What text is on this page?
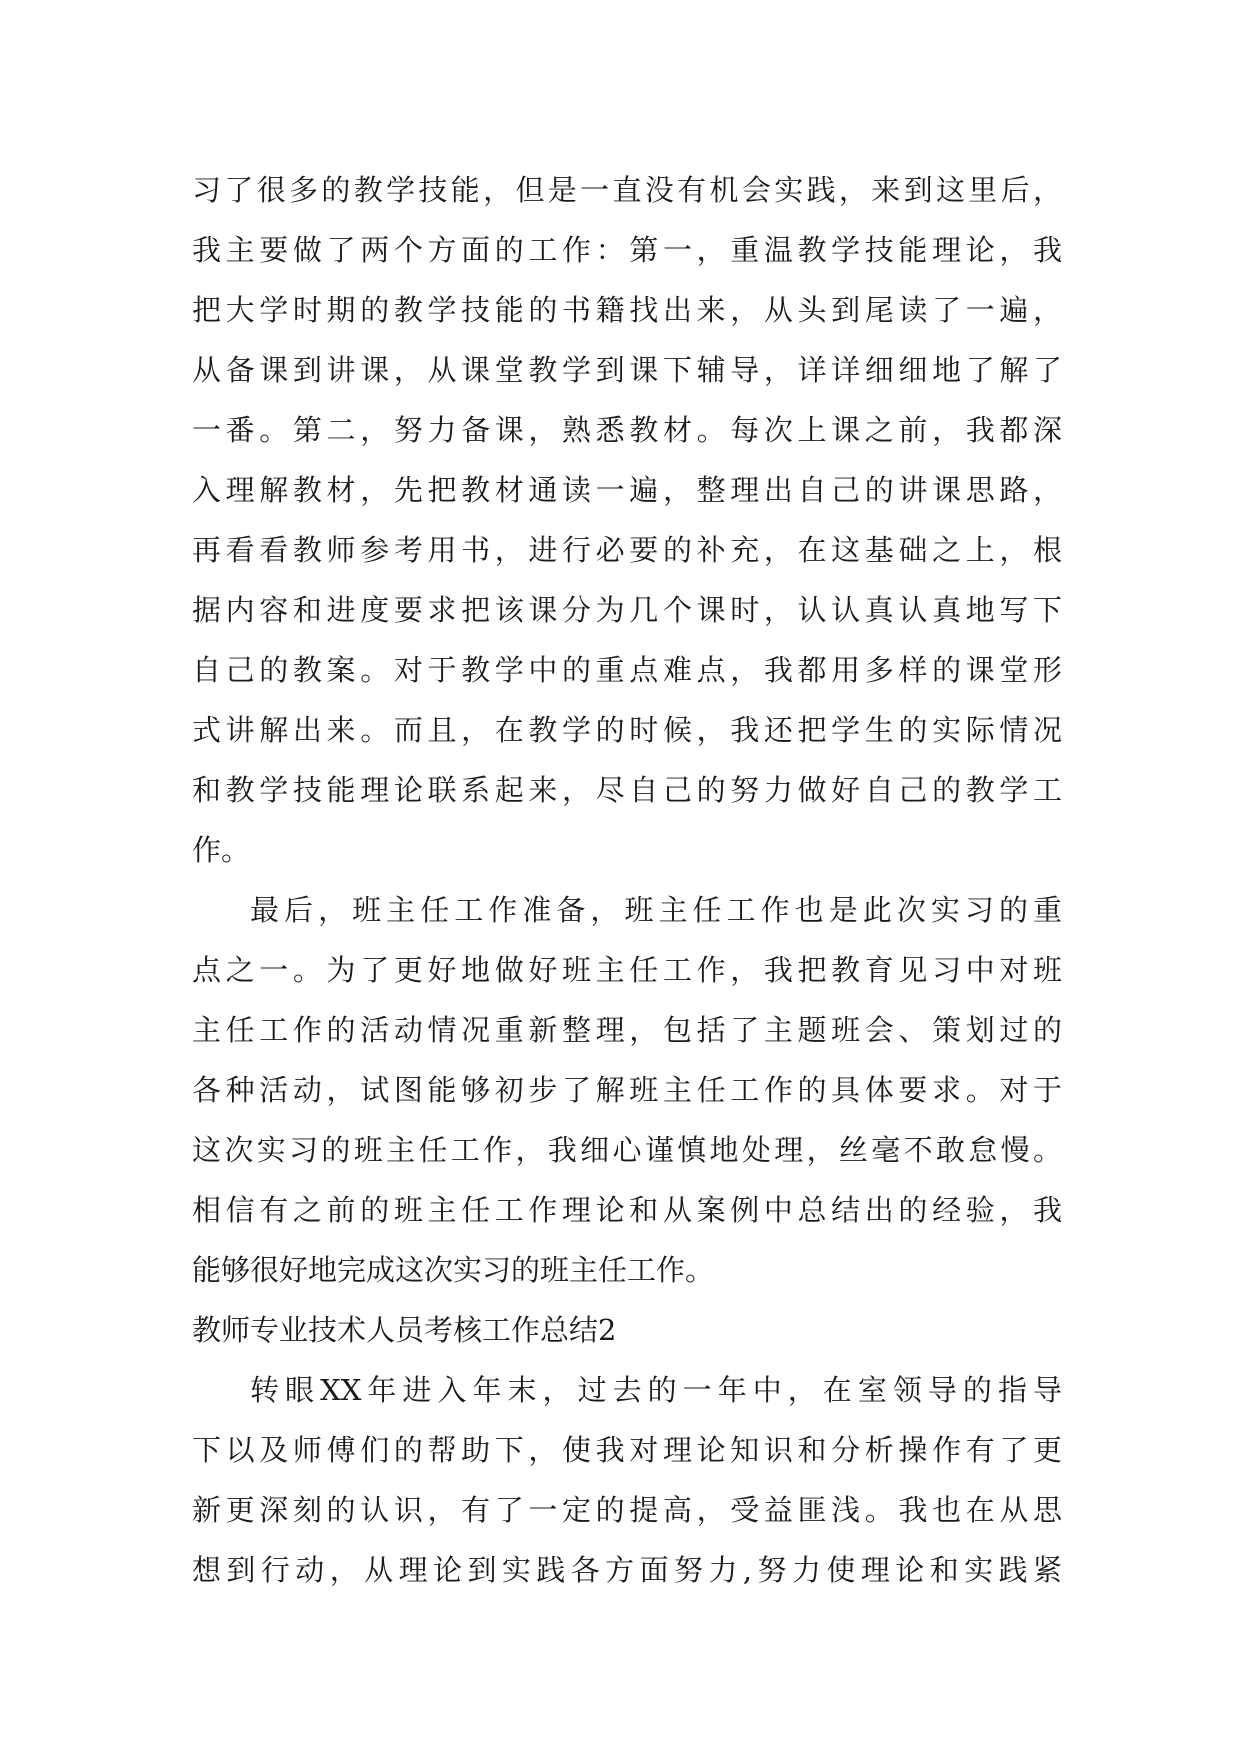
习了很多的教学技能，但是一直没有机会实践，来到这里后，
我主要做了两个方面的工作：第一，重温教学技能理论，我
把大学时期的教学技能的书籍找出来，从头到尾读了一遍，
从备课到讲课，从课堂教学到课下辅导，详详细细地了解了
一番。第二，努力备课，熟悉教材。每次上课之前，我都深
入理解教材，先把教材通读一遍，整理出自己的讲课思路，
再看看教师参考用书，进行必要的补充，在这基础之上，根
据内容和进度要求把该课分为几个课时，认认真认真地写下
自己的教案。对于教学中的重点难点，我都用多样的课堂形
式讲解出来。而且，在教学的时候，我还把学生的实际情况
和教学技能理论联系起来，尽自己的努力做好自己的教学工
作。
最后，班主任工作准备，班主任工作也是此次实习的重
点之一。为了更好地做好班主任工作，我把教育见习中对班
主任工作的活动情况重新整理，包括了主题班会、策划过的
各种活动，试图能够初步了解班主任工作的具体要求。对于
这次实习的班主任工作，我细心谨慎地处理，丝毫不敢怠慢。
相信有之前的班主任工作理论和从案例中总结出的经验，我
能够很好地完成这次实习的班主任工作。
教师专业技术人员考核工作总结2
转眼XX年进入年末，过去的一年中，在室领导的指导
下以及师傅们的帮助下，使我对理论知识和分析操作有了更
新更深刻的认识，有了一定的提高，受益匪浅。我也在从思
想到行动，从理论到实践各方面努力,努力使理论和实践紧
